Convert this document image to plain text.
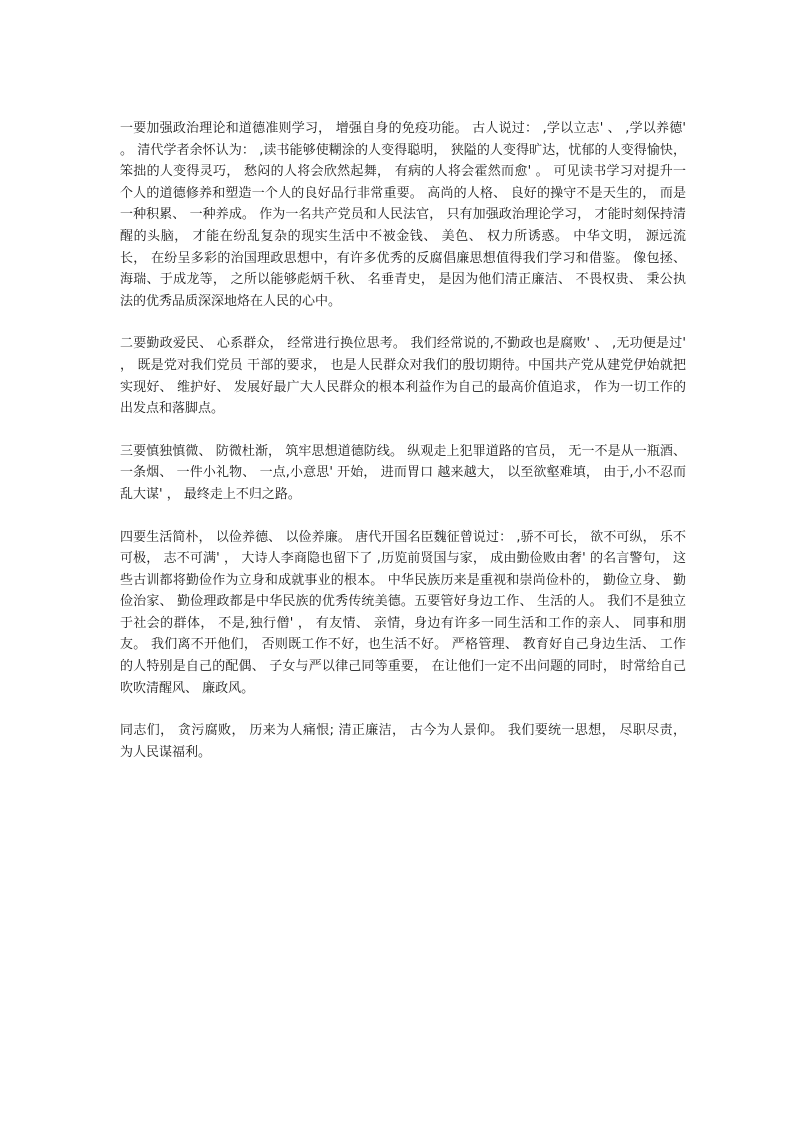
一要加强政治理论和道德准则学习， 增强自身的免疫功能。 古人说过： ,学以立志' 、 ,学以养德' 。 清代学者余怀认为： ,读书能够使糊涂的人变得聪明， 狭隘的人变得旷达，忧郁的人变得愉快， 笨拙的人变得灵巧， 愁闷的人将会欣然起舞， 有病的人将会霍然而愈' 。 可见读书学习对提升一个人的道德修养和塑造一个人的良好品行非常重要。 高尚的人格、 良好的操守不是天生的， 而是一种积累、 一种养成。 作为一名共产党员和人民法官， 只有加强政治理论学习， 才能时刻保持清醒的头脑， 才能在纷乱复杂的现实生活中不被金钱、 美色、 权力所诱惑。 中华文明， 源远流长， 在纷呈多彩的治国理政思想中，有许多优秀的反腐倡廉思想值得我们学习和借鉴。 像包拯、 海瑞、于成龙等， 之所以能够彪炳千秋、 名垂青史， 是因为他们清正廉洁、 不畏权贵、 秉公执法的优秀品质深深地烙在人民的心中。

二要勤政爱民、 心系群众， 经常进行换位思考。 我们经常说的,不勤政也是腐败' 、 ,无功便是过' ， 既是党对我们党员 干部的要求， 也是人民群众对我们的殷切期待。中国共产党从建党伊始就把实现好、 维护好、 发展好最广大人民群众的根本利益作为自己的最高价值追求， 作为一切工作的出发点和落脚点。

三要慎独慎微、 防微杜渐， 筑牢思想道德防线。 纵观走上犯罪道路的官员， 无一不是从一瓶酒、 一条烟、 一件小礼物、 一点,小意思' 开始， 进而胃口 越来越大， 以至欲壑难填， 由于,小不忍而乱大谋' ， 最终走上不归之路。

四要生活简朴， 以俭养德、 以俭养廉。 唐代开国名臣魏征曾说过： ,骄不可长， 欲不可纵， 乐不可极， 志不可满' ， 大诗人李商隐也留下了 ,历览前贤国与家， 成由勤俭败由奢' 的名言警句， 这些古训都将勤俭作为立身和成就事业的根本。 中华民族历来是重视和崇尚俭朴的， 勤俭立身、 勤俭治家、 勤俭理政都是中华民族的优秀传统美德。五要管好身边工作、 生活的人。 我们不是独立于社会的群体， 不是,独行僧' ， 有友情、 亲情，身边有许多一同生活和工作的亲人、 同事和朋友。 我们离不开他们， 否则既工作不好，也生活不好。 严格管理、 教育好自己身边生活、 工作的人特别是自己的配偶、 子女与严以律己同等重要， 在让他们一定不出问题的同时， 时常给自己吹吹清醒风、 廉政风。

同志们， 贪污腐败， 历来为人痛恨; 清正廉洁， 古今为人景仰。 我们要统一思想， 尽职尽责， 为人民谋福利。
